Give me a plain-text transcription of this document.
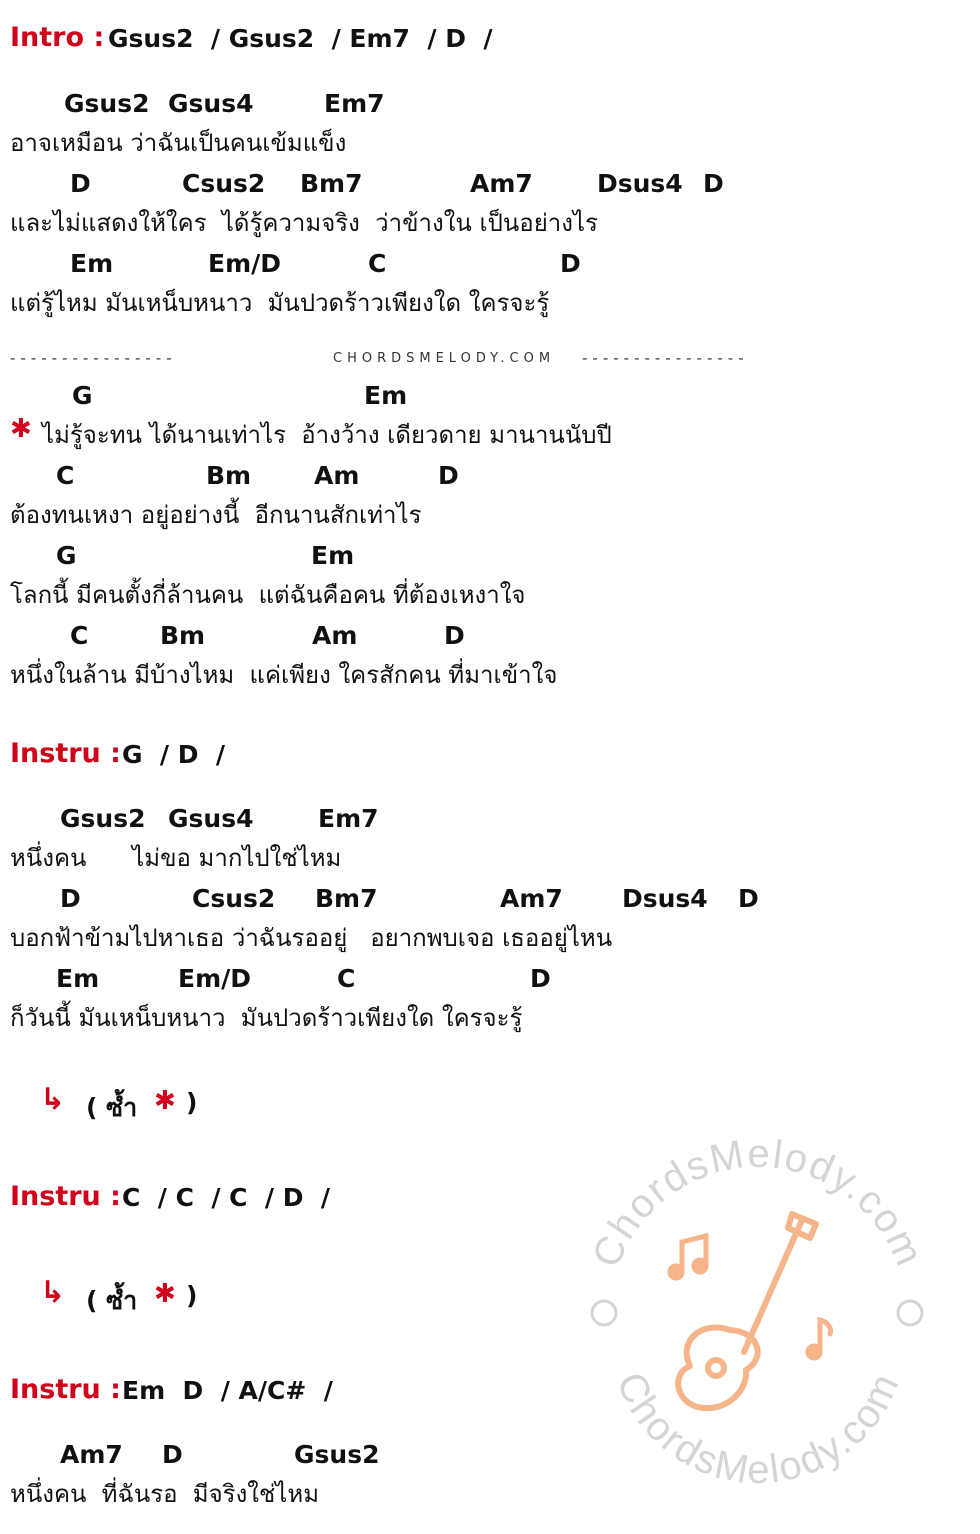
Intro : Gsus2  / Gsus2  / Em7  / D  /
Gsus2 Gsus4	Em7
อาจเหมือน ว่าฉันเป็นคนเข้มแข็ง
D	Csus2 Bm7	Am7	Dsus4 D
และไม่แสดงให้ใคร  ได้รู้ความจริง  ว่าข้างใน เป็นอย่างไร
Em	Em/D	C	D
แต่รู้ไหม มันเหน็บหนาว  มันปวดร้าวเพียงใด ใครจะรู้
----------------	CHORDSMELODY.COM ----------------
G	Em
✱ ไม่รู้จะทน ได้นานเท่าไร  อ้างว้าง เดียวดาย มานานนับปี
C	Bm	Am	D
ต้องทนเหงา อยู่อย่างนี้  อีกนานสักเท่าไร
G	Em
โลกนี้ มีคนตั้งกี่ล้านคน  แต่ฉันคือคน ที่ต้องเหงาใจ
C	Bm	Am	D
หนึ่งในล้าน มีบ้างไหม  แค่เพียง ใครสักคน ที่มาเข้าใจ
Instru : G  / D  /
Gsus2 Gsus4	Em7
หนึ่งคน      ไม่ขอ มากไปใช่ไหม
D	Csus2 Bm7	Am7 Dsus4 D
บอกฟ้าข้ามไปหาเธอ ว่าฉันรออยู่   อยากพบเจอ เธออยู่ไหน
Em	Em/D	C	D
ก็วันนี้ มันเหน็บหนาว  มันปวดร้าวเพียงใด ใครจะรู้
↳ ( ซ้ำ ✱ )
Instru : C  / C  / C  / D  /
↳ ( ซ้ำ ✱ )
Instru : Em  D  / A/C#  /
Am7 D	Gsus2
หนึ่งคน  ที่ฉันรอ  มีจริงใช่ไหม
ChordsMelody.com
ChordsMelody.com
